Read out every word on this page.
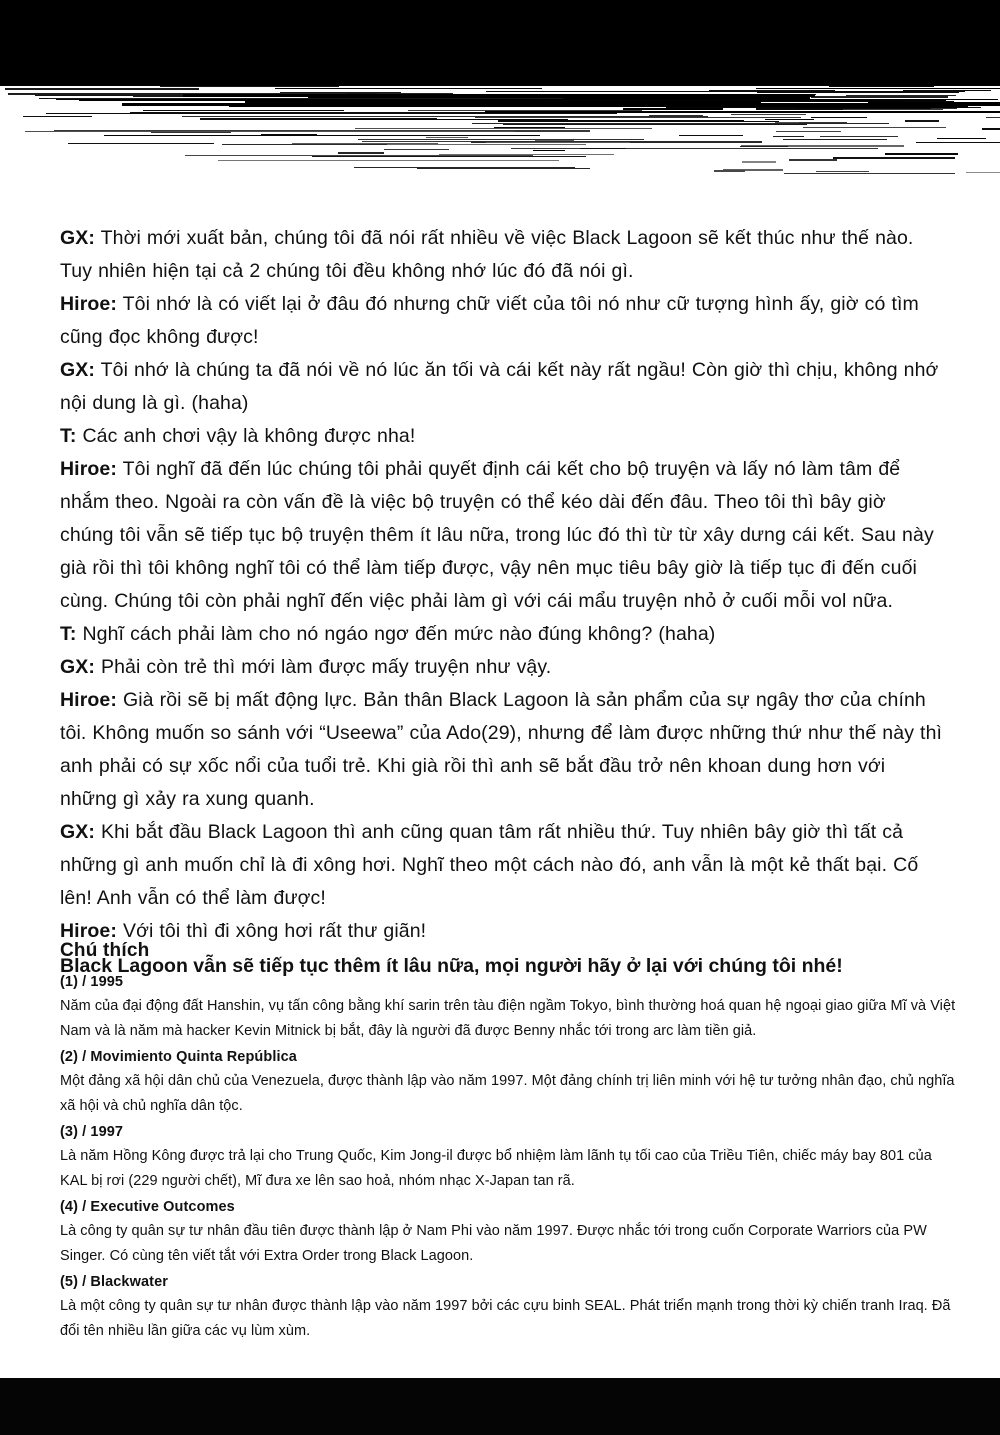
GX: Thời mới xuất bản, chúng tôi đã nói rất nhiều về việc Black Lagoon sẽ kết thúc như thế nào. Tuy nhiên hiện tại cả 2 chúng tôi đều không nhớ lúc đó đã nói gì.

Hiroe: Tôi nhớ là có viết lại ở đâu đó nhưng chữ viết của tôi nó như cữ tượng hình ấy, giờ có tìm cũng đọc không được!

GX: Tôi nhớ là chúng ta đã nói về nó lúc ăn tối và cái kết này rất ngầu! Còn giờ thì chịu, không nhớ nội dung là gì. (haha)

T: Các anh chơi vậy là không được nha!

Hiroe: Tôi nghĩ đã đến lúc chúng tôi phải quyết định cái kết cho bộ truyện và lấy nó làm tâm để nhắm theo. Ngoài ra còn vấn đề là việc bộ truyện có thể kéo dài đến đâu. Theo tôi thì bây giờ chúng tôi vẫn sẽ tiếp tục bộ truyện thêm ít lâu nữa, trong lúc đó thì từ từ xây dưng cái kết. Sau này già rồi thì tôi không nghĩ tôi có thể làm tiếp được, vậy nên mục tiêu bây giờ là tiếp tục đi đến cuối cùng. Chúng tôi còn phải nghĩ đến việc phải làm gì với cái mẩu truyện nhỏ ở cuối mỗi vol nữa.

T: Nghĩ cách phải làm cho nó ngáo ngơ đến mức nào đúng không? (haha)

GX: Phải còn trẻ thì mới làm được mấy truyện như vậy.

Hiroe: Già rồi sẽ bị mất động lực. Bản thân Black Lagoon là sản phẩm của sự ngây thơ của chính tôi. Không muốn so sánh với “Useewa” của Ado(29), nhưng để làm được những thứ như thế này thì anh phải có sự xốc nổi của tuổi trẻ. Khi già rồi thì anh sẽ bắt đầu trở nên khoan dung hơn với những gì xảy ra xung quanh.

GX: Khi bắt đầu Black Lagoon thì anh cũng quan tâm rất nhiều thứ. Tuy nhiên bây giờ thì tất cả những gì anh muốn chỉ là đi xông hơi. Nghĩ theo một cách nào đó, anh vẫn là một kẻ thất bại. Cố lên! Anh vẫn có thể làm được!

Hiroe: Với tôi thì đi xông hơi rất thư giãn!

Black Lagoon vẫn sẽ tiếp tục thêm ít lâu nữa, mọi người hãy ở lại với chúng tôi nhé!

Chú thích
(1) / 1995
Năm của đại động đất Hanshin, vụ tấn công bằng khí sarin trên tàu điện ngầm Tokyo, bình thường hoá quan hệ ngoại giao giữa Mĩ và Việt Nam và là năm mà hacker Kevin Mitnick bị bắt, đây là người đã được Benny nhắc tới trong arc làm tiền giả.
(2) / Movimiento Quinta República
Một đảng xã hội dân chủ của Venezuela, được thành lập vào năm 1997. Một đảng chính trị liên minh với hệ tư tưởng nhân đạo, chủ nghĩa xã hội và chủ nghĩa dân tộc.
(3) / 1997
Là năm Hồng Kông được trả lại cho Trung Quốc, Kim Jong-il được bổ nhiệm làm lãnh tụ tối cao của Triều Tiên, chiếc máy bay 801 của KAL bị rơi (229 người chết), Mĩ đưa xe lên sao hoả, nhóm nhạc X-Japan tan rã.
(4) / Executive Outcomes
Là công ty quân sự tư nhân đầu tiên được thành lập ở Nam Phi vào năm 1997. Được nhắc tới trong cuốn Corporate Warriors của PW Singer. Có cùng tên viết tắt với Extra Order trong Black Lagoon.
(5) / Blackwater
Là một công ty quân sự tư nhân được thành lập vào năm 1997 bởi các cựu binh SEAL. Phát triển mạnh trong thời kỳ chiến tranh Iraq. Đã đổi tên nhiều lần giữa các vụ lùm xùm.
